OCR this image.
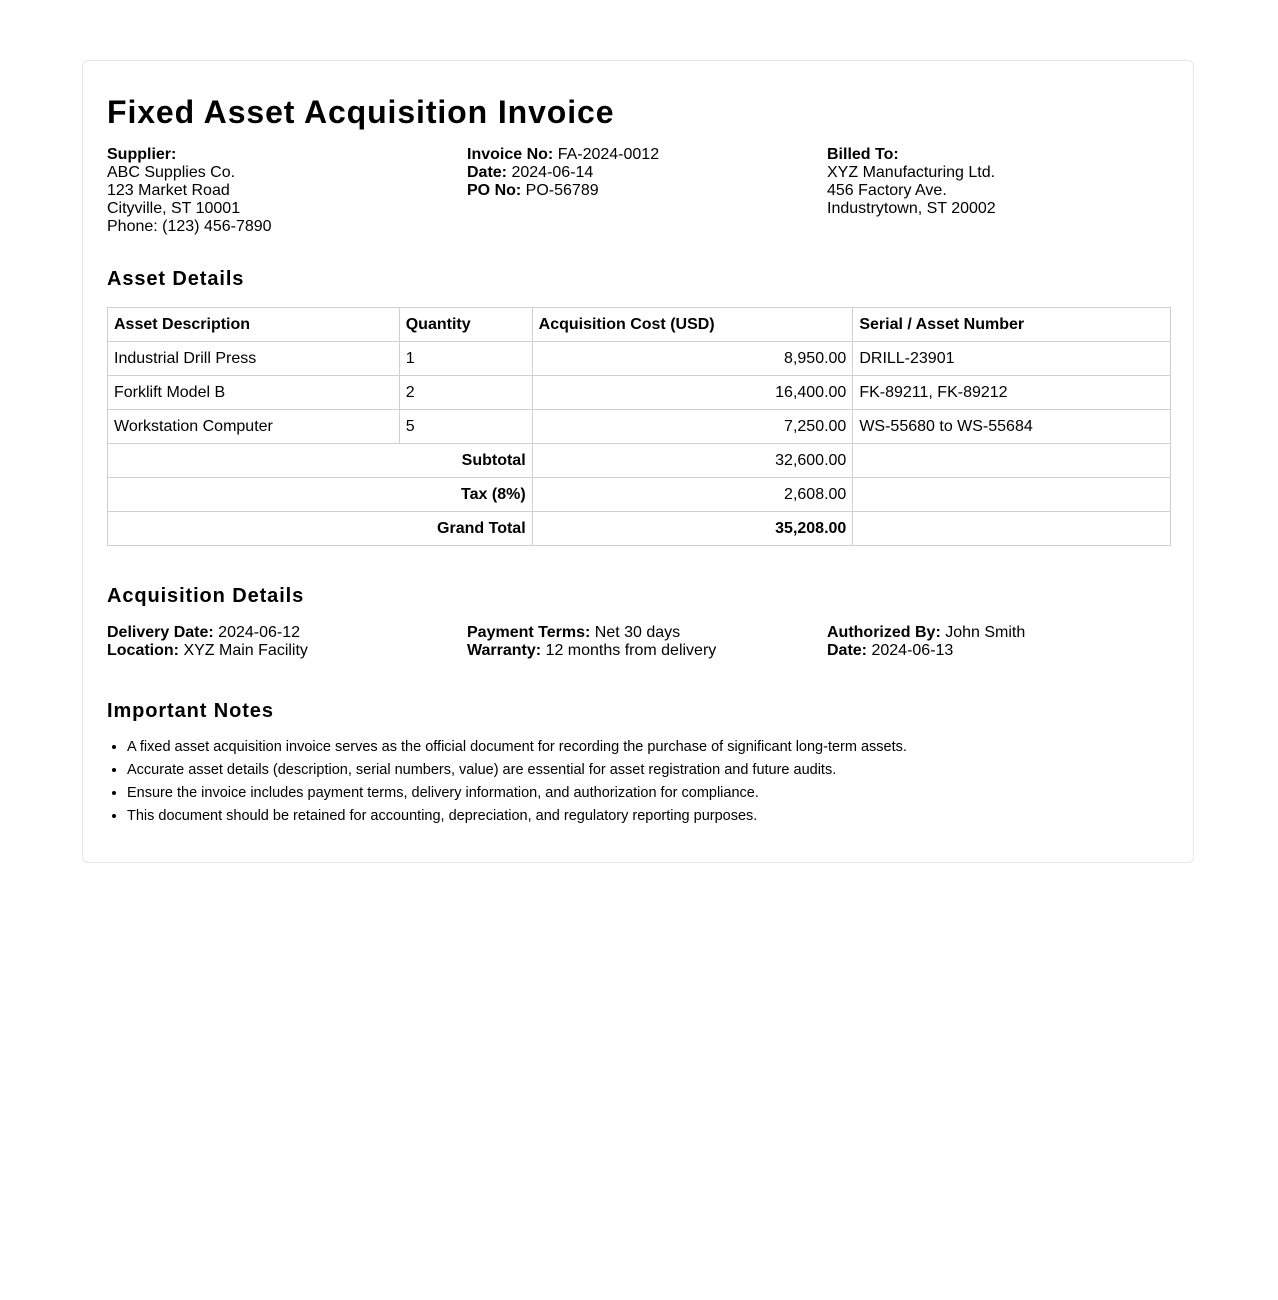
Fixed Asset Acquisition Invoice
Supplier:
ABC Supplies Co.
123 Market Road
Cityville, ST 10001
Phone: (123) 456-7890
Invoice No: FA-2024-0012
Date: 2024-06-14
PO No: PO-56789
Billed To:
XYZ Manufacturing Ltd.
456 Factory Ave.
Industrytown, ST 20002
Asset Details
Asset Description	Quantity	Acquisition Cost (USD)	Serial / Asset Number
Industrial Drill Press	1	8,950.00	DRILL-23901
Forklift Model B	2	16,400.00	FK-89211, FK-89212
Workstation Computer	5	7,250.00	WS-55680 to WS-55684
Subtotal		32,600.00	
Tax (8%)		2,608.00	
Grand Total		35,208.00	
Acquisition Details
Delivery Date: 2024-06-12
Location: XYZ Main Facility
Payment Terms: Net 30 days
Warranty: 12 months from delivery
Authorized By: John Smith
Date: 2024-06-13
Important Notes
• A fixed asset acquisition invoice serves as the official document for recording the purchase of significant long-term assets.
• Accurate asset details (description, serial numbers, value) are essential for asset registration and future audits.
• Ensure the invoice includes payment terms, delivery information, and authorization for compliance.
• This document should be retained for accounting, depreciation, and regulatory reporting purposes.
